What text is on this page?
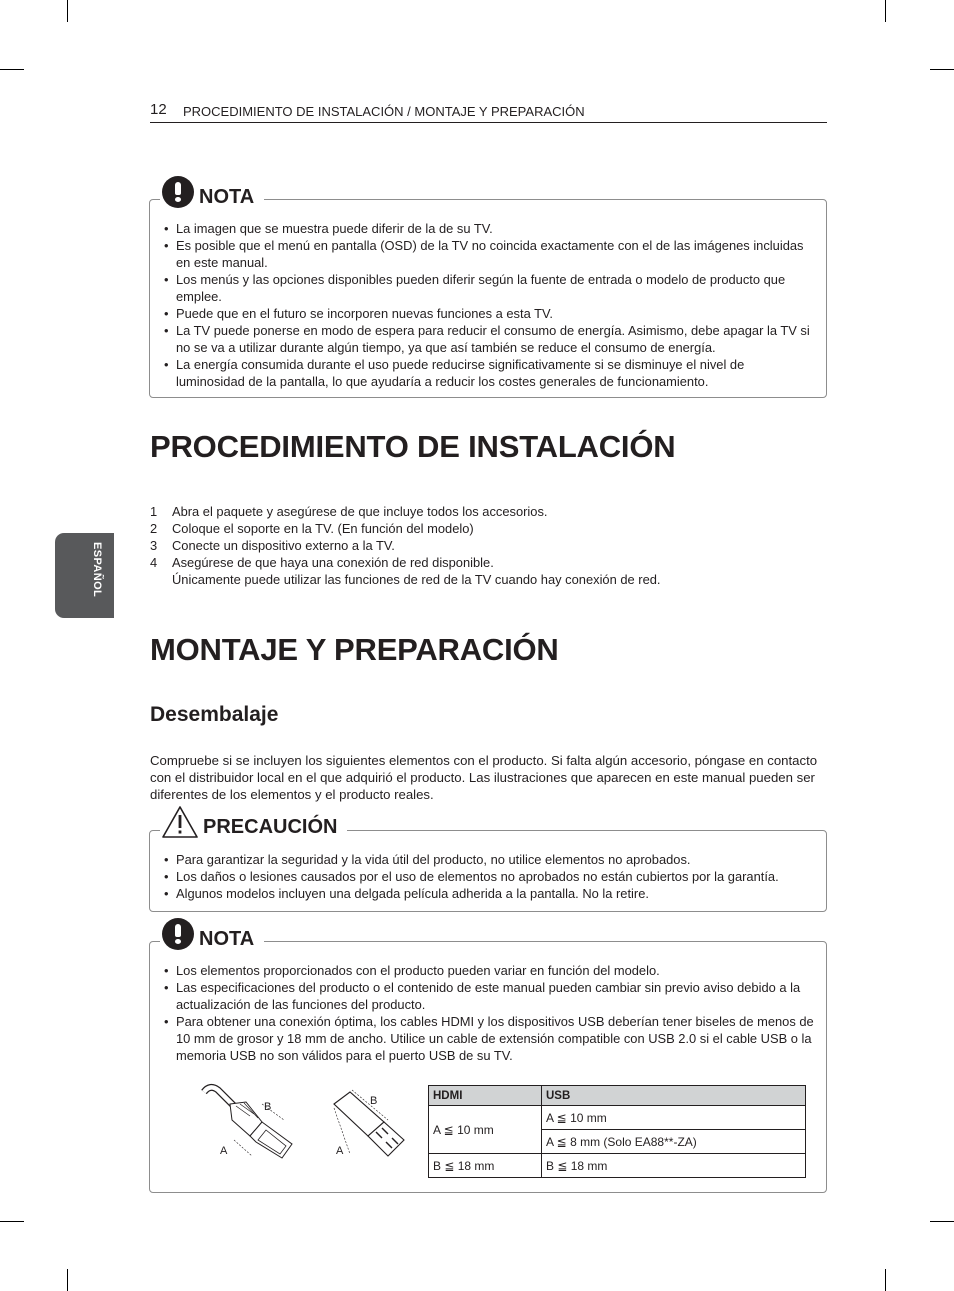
12 PROCEDIMIENTO DE INSTALACIÓN / MONTAJE Y PREPARACIÓN
ESPAÑOL
NOTA
• La imagen que se muestra puede diferir de la de su TV.
• Es posible que el menú en pantalla (OSD) de la TV no coincida exactamente con el de las imágenes incluidas en este manual.
• Los menús y las opciones disponibles pueden diferir según la fuente de entrada o modelo de producto que emplee.
• Puede que en el futuro se incorporen nuevas funciones a esta TV.
• La TV puede ponerse en modo de espera para reducir el consumo de energía. Asimismo, debe apagar la TV si no se va a utilizar durante algún tiempo, ya que así también se reduce el consumo de energía.
• La energía consumida durante el uso puede reducirse significativamente si se disminuye el nivel de luminosidad de la pantalla, lo que ayudaría a reducir los costes generales de funcionamiento.
PROCEDIMIENTO DE INSTALACIÓN
1 Abra el paquete y asegúrese de que incluye todos los accesorios.
2 Coloque el soporte en la TV. (En función del modelo)
3 Conecte un dispositivo externo a la TV.
4 Asegúrese de que haya una conexión de red disponible.
Únicamente puede utilizar las funciones de red de la TV cuando hay conexión de red.
MONTAJE Y PREPARACIÓN
Desembalaje

Compruebe si se incluyen los siguientes elementos con el producto. Si falta algún accesorio, póngase en contacto con el distribuidor local en el que adquirió el producto. Las ilustraciones que aparecen en este manual pueden ser diferentes de los elementos y el producto reales.

PRECAUCIÓN
• Para garantizar la seguridad y la vida útil del producto, no utilice elementos no aprobados.
• Los daños o lesiones causados por el uso de elementos no aprobados no están cubiertos por la garantía.
• Algunos modelos incluyen una delgada película adherida a la pantalla. No la retire.
NOTA
• Los elementos proporcionados con el producto pueden variar en función del modelo.
• Las especificaciones del producto o el contenido de este manual pueden cambiar sin previo aviso debido a la actualización de las funciones del producto.
• Para obtener una conexión óptima, los cables HDMI y los dispositivos USB deberían tener biseles de menos de 10 mm de grosor y 18 mm de ancho. Utilice un cable de extensión compatible con USB 2.0 si el cable USB o la memoria USB no son válidos para el puerto USB de su TV.
B
A
B
A
HDMI	USB
A ≦ 10 mm	A ≦ 10 mm
	A ≦ 8 mm (Solo EA88**-ZA)
B ≦ 18 mm	B ≦ 18 mm
